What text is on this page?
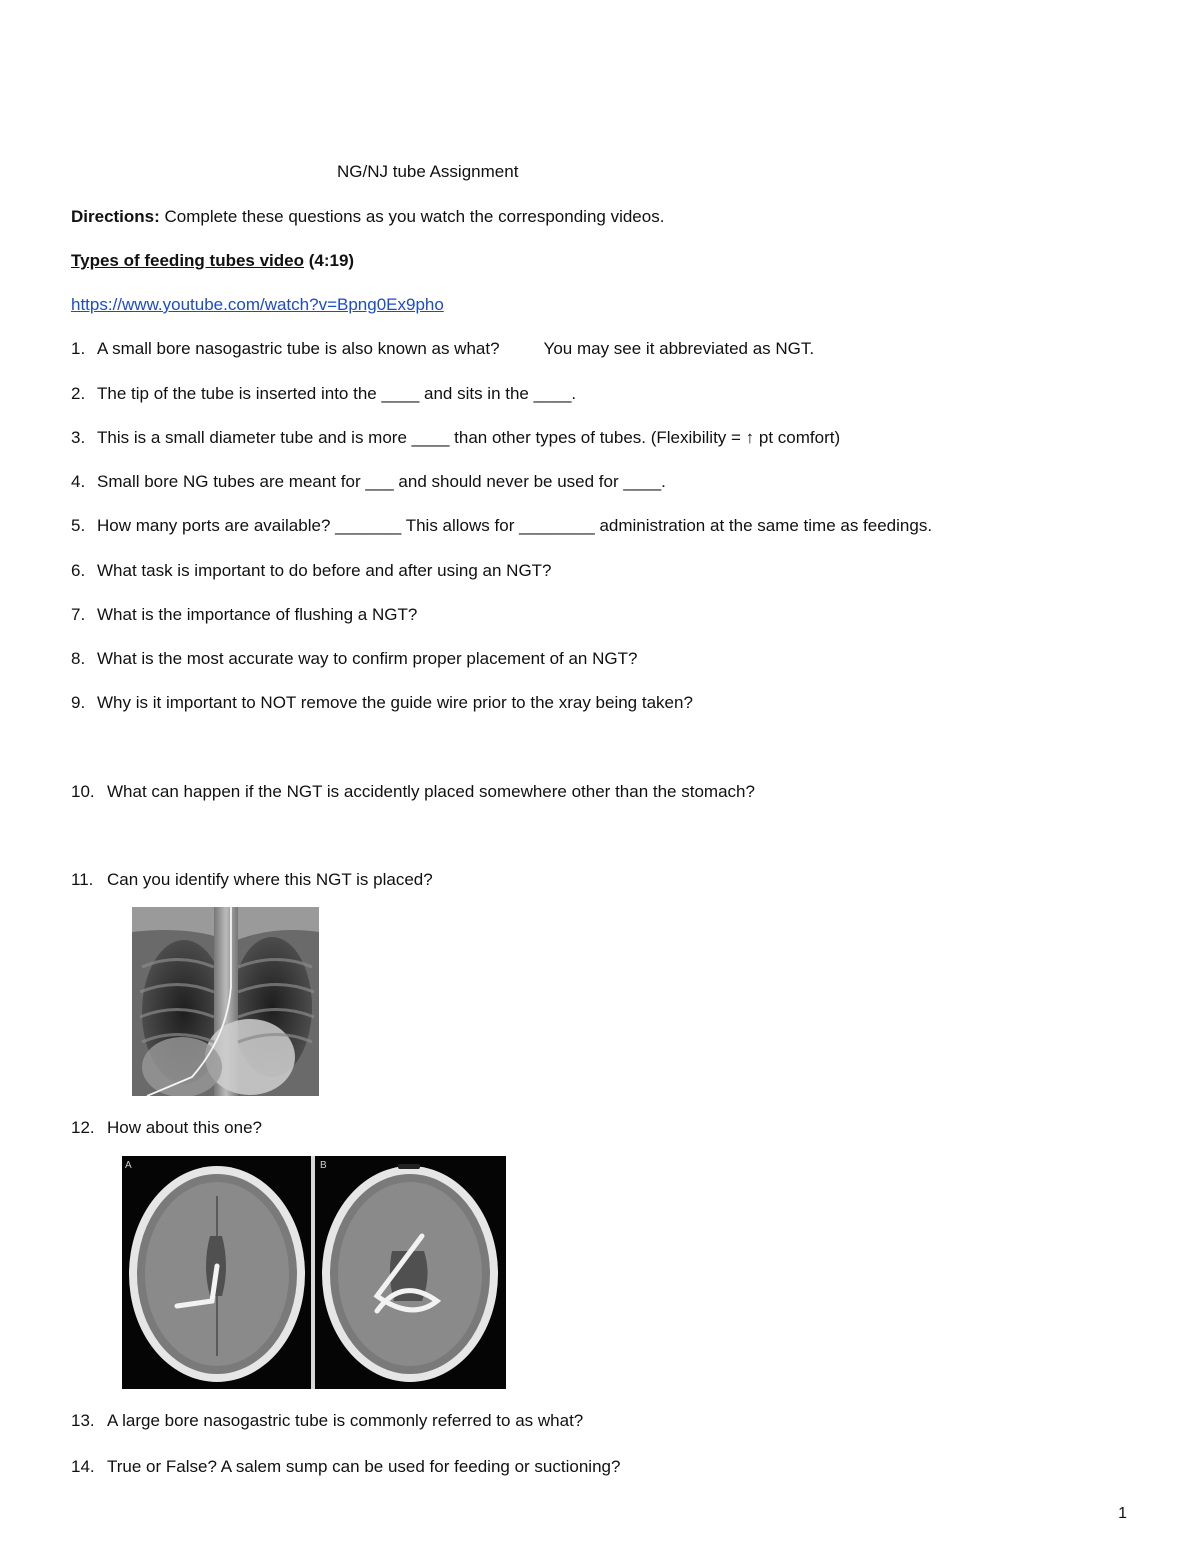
NG/NJ tube Assignment
Directions: Complete these questions as you watch the corresponding videos.
Types of feeding tubes video (4:19)
https://www.youtube.com/watch?v=Bpng0Ex9pho
1. A small bore nasogastric tube is also known as what?	You may see it abbreviated as NGT.
2. The tip of the tube is inserted into the ____ and sits in the ____.
3. This is a small diameter tube and is more ____ than other types of tubes. (Flexibility = ↑ pt comfort)
4. Small bore NG tubes are meant for ___ and should never be used for ____.
5. How many ports are available? _______ This allows for ________ administration at the same time as feedings.
6. What task is important to do before and after using an NGT?
7. What is the importance of flushing a NGT?
8. What is the most accurate way to confirm proper placement of an NGT?
9. Why is it important to NOT remove the guide wire prior to the xray being taken?
10. What can happen if the NGT is accidently placed somewhere other than the stomach?
11. Can you identify where this NGT is placed?
12. How about this one?
A	B
13. A large bore nasogastric tube is commonly referred to as what?
14. True or False? A salem sump can be used for feeding or suctioning?
1
